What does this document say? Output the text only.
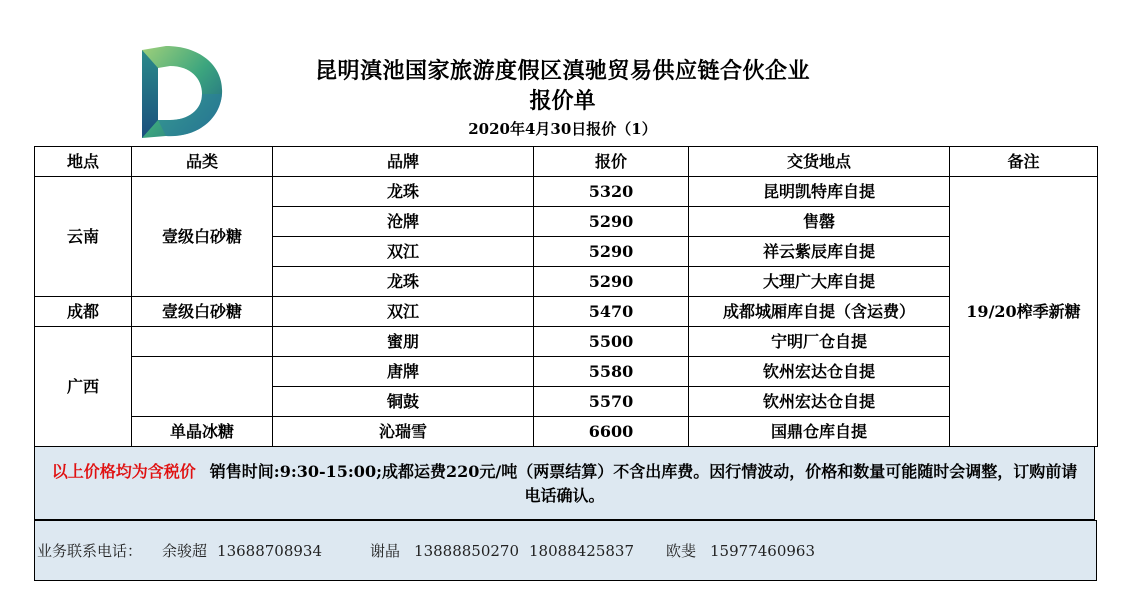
昆明滇池国家旅游度假区滇驰贸易供应链合伙企业
报价单
2020年4月30日报价（1）
地点	品类	品牌	报价	交货地点	备注
云南	壹级白砂糖	龙珠	5320	昆明凯特库自提	19/20榨季新糖
		沧牌	5290	售罄	
		双江	5290	祥云紫辰库自提	
		龙珠	5290	大理广大库自提	
成都	壹级白砂糖	双江	5470	成都城厢库自提（含运费）	
广西		蜜朋	5500	宁明厂仓自提	
		唐牌	5580	钦州宏达仓自提	
		铜鼓	5570	钦州宏达仓自提	
	单晶冰糖	沁瑞雪	6600	国鼎仓库自提	
以上价格均为含税价 销售时间:9:30-15:00;成都运费220元/吨（两票结算）不含出库费。因行情波动，价格和数量可能随时会调整，订购前请电话确认。
业务联系电话： 余骏超 13688708934	谢晶 13888850270 18088425837 欧斐 15977460963
